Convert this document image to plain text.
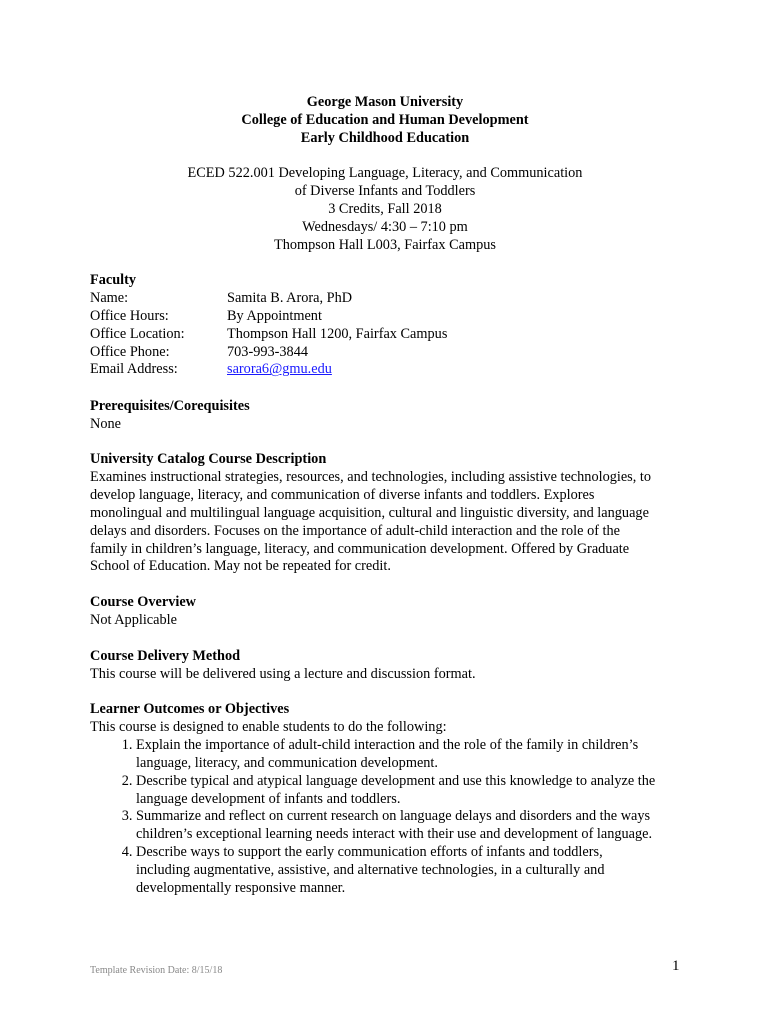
George Mason University
College of Education and Human Development
Early Childhood Education
ECED 522.001 Developing Language, Literacy, and Communication
of Diverse Infants and Toddlers
3 Credits, Fall 2018
Wednesdays/ 4:30 – 7:10 pm
Thompson Hall L003, Fairfax Campus
Faculty
Name:	Samita B. Arora, PhD
Office Hours:	By Appointment
Office Location:	Thompson Hall 1200, Fairfax Campus
Office Phone:	703-993-3844
Email Address:	sarora6@gmu.edu
Prerequisites/Corequisites
None
University Catalog Course Description
Examines instructional strategies, resources, and technologies, including assistive technologies, to
develop language, literacy, and communication of diverse infants and toddlers. Explores
monolingual and multilingual language acquisition, cultural and linguistic diversity, and language
delays and disorders. Focuses on the importance of adult-child interaction and the role of the
family in children’s language, literacy, and communication development. Offered by Graduate
School of Education. May not be repeated for credit.
Course Overview
Not Applicable
Course Delivery Method
This course will be delivered using a lecture and discussion format.
Learner Outcomes or Objectives
This course is designed to enable students to do the following:
1. Explain the importance of adult-child interaction and the role of the family in children’s
language, literacy, and communication development.
2. Describe typical and atypical language development and use this knowledge to analyze the
language development of infants and toddlers.
3. Summarize and reflect on current research on language delays and disorders and the ways
children’s exceptional learning needs interact with their use and development of language.
4. Describe ways to support the early communication efforts of infants and toddlers,
including augmentative, assistive, and alternative technologies, in a culturally and
developmentally responsive manner.
Template Revision Date: 8/15/18	1
